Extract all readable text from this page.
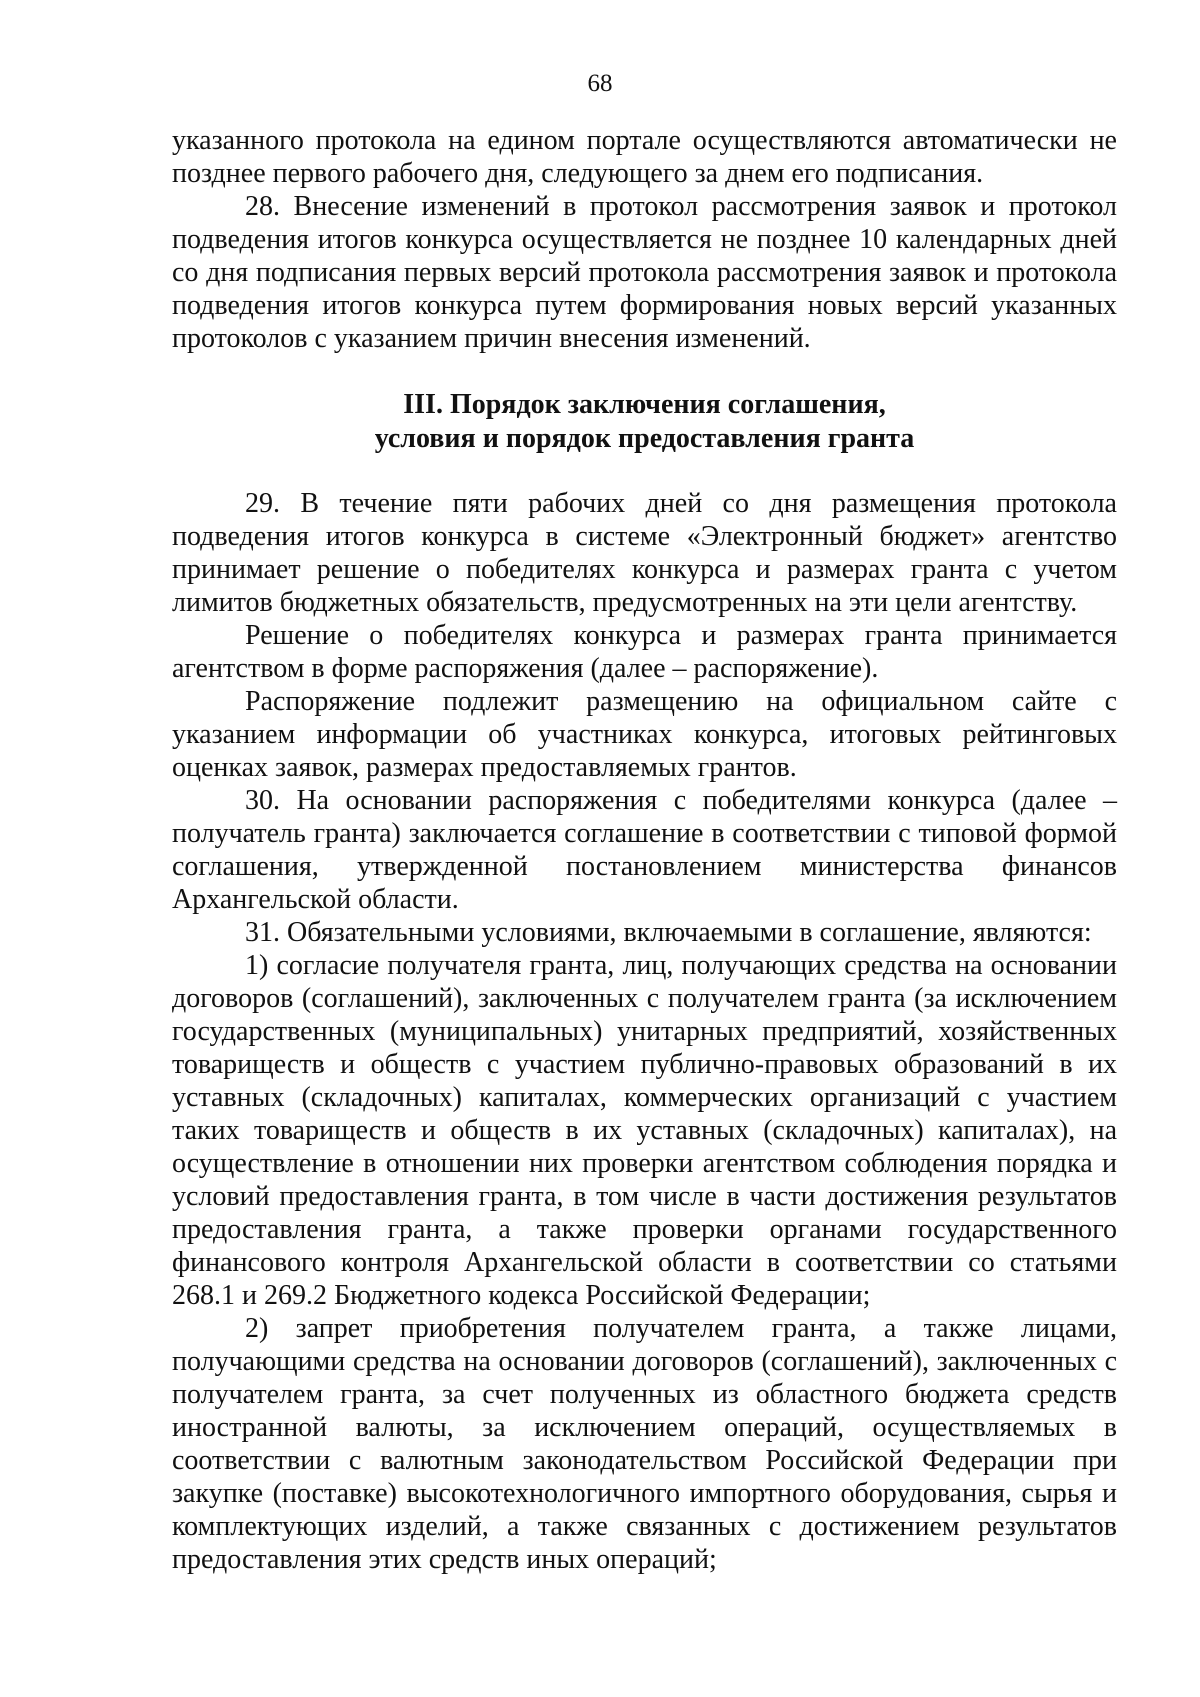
68

указанного протокола на едином портале осуществляются автоматически не позднее первого рабочего дня, следующего за днем его подписания.

28. Внесение изменений в протокол рассмотрения заявок и протокол подведения итогов конкурса осуществляется не позднее 10 календарных дней со дня подписания первых версий протокола рассмотрения заявок и протокола подведения итогов конкурса путем формирования новых версий указанных протоколов с указанием причин внесения изменений.

III. Порядок заключения соглашения,

условия и порядок предоставления гранта

29. В течение пяти рабочих дней со дня размещения протокола подведения итогов конкурса в системе «Электронный бюджет» агентство принимает решение о победителях конкурса и размерах гранта с учетом лимитов бюджетных обязательств, предусмотренных на эти цели агентству.

Решение о победителях конкурса и размерах гранта принимается агентством в форме распоряжения (далее – распоряжение).

Распоряжение подлежит размещению на официальном сайте с указанием информации об участниках конкурса, итоговых рейтинговых оценках заявок, размерах предоставляемых грантов.

30. На основании распоряжения с победителями конкурса (далее – получатель гранта) заключается соглашение в соответствии с типовой формой соглашения, утвержденной постановлением министерства финансов Архангельской области.

31. Обязательными условиями, включаемыми в соглашение, являются:

1) согласие получателя гранта, лиц, получающих средства на основании договоров (соглашений), заключенных с получателем гранта (за исключением государственных (муниципальных) унитарных предприятий, хозяйственных товариществ и обществ с участием публично-правовых образований в их уставных (складочных) капиталах, коммерческих организаций с участием таких товариществ и обществ в их уставных (складочных) капиталах), на осуществление в отношении них проверки агентством соблюдения порядка и условий предоставления гранта, в том числе в части достижения результатов предоставления гранта, а также проверки органами государственного финансового контроля Архангельской области в соответствии со статьями 268.1 и 269.2 Бюджетного кодекса Российской Федерации;

2) запрет приобретения получателем гранта, а также лицами, получающими средства на основании договоров (соглашений), заключенных с получателем гранта, за счет полученных из областного бюджета средств иностранной валюты, за исключением операций, осуществляемых в соответствии с валютным законодательством Российской Федерации при закупке (поставке) высокотехнологичного импортного оборудования, сырья и комплектующих изделий, а также связанных с достижением результатов предоставления этих средств иных операций;
